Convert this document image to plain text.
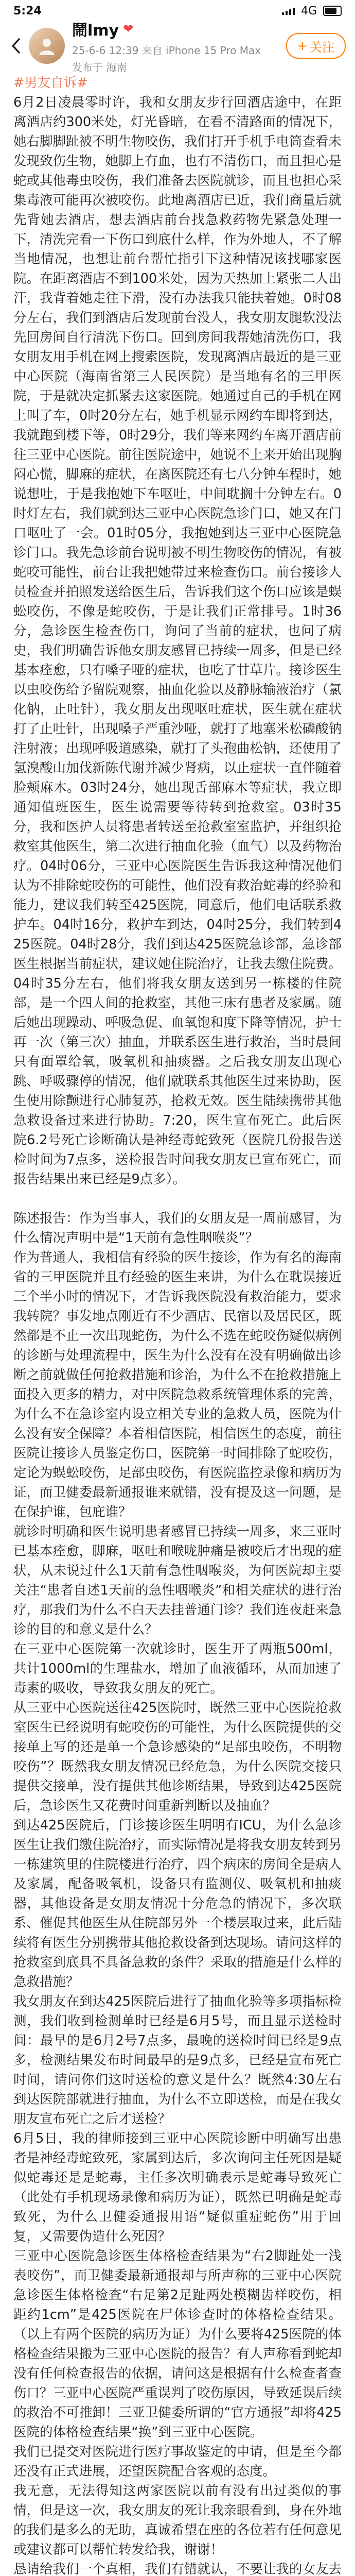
5:24	4G
鬧lmy ❤
25-6-6 12:39 来自 iPhone 15 Pro Max
发布于 海南
+ 关注
#男友自诉#
6月2日凌晨零时许，我和女朋友步行回酒店途中，在距离酒店约300米处，灯光昏暗，在看不清路面的情况下，她右脚脚趾被不明生物咬伤，我们打开手机手电筒查看未发现致伤生物，她脚上有血，也有不清伤口，而且担心是蛇或其他毒虫咬伤，我们准备去医院就诊，而且也担心采集毒液可能再次被咬伤。此地离酒店已近，我们商量后就先背她去酒店，想去酒店前台找急救药物先紧急处理一下，清洗完看一下伤口到底什么样，作为外地人，不了解当地情况，也想让前台帮忙指引下这种情况该找哪家医院。在距离酒店不到100米处，因为天热加上紧张二人出汗，我背着她走往下滑，没有办法我只能扶着她。0时08分左右，我们到酒店后发现前台没人，我女朋友腿软没法先回房间自行清洗下伤口。回到房间我帮她清洗伤口，我女朋友用手机在网上搜索医院，发现离酒店最近的是三亚中心医院（海南省第三人民医院）是当地有名的三甲医院，于是就决定抓紧去这家医院。她通过自己的手机在网上叫了车，0时20分左右，她手机显示网约车即将到达，我就跑到楼下等，0时29分，我们等来网约车离开酒店前往三亚中心医院。前往医院途中，她说不上来开始出现胸闷心慌，脚麻的症状，在离医院还有七八分钟车程时，她说想吐，于是我抱她下车呕吐，中间耽搁十分钟左右。0时灯左右，我们就到达三亚中心医院急诊门口，她又在门口呕吐了一会。01时05分，我抱她到达三亚中心医院急诊门口。我先急诊前台说明被不明生物咬伤的情况，有被蛇咬可能性，前台让我把她带过来检查伤口。前台接诊人员检查并拍照发送给医生后，告诉我们这个伤口应该是蜈蚣咬伤，不像是蛇咬伤，于是让我们正常排号。1时36分，急诊医生检查伤口，询问了当前的症状，也问了病史，我们明确告诉他女朋友感冒已持续一周多，但是已经基本痊愈，只有嗓子哑的症状，也吃了甘草片。接诊医生以虫咬伤给予留院观察，抽血化验以及静脉输液治疗（氯化钠，止吐针），我女朋友出现呕吐症状，医生就在症状打了止吐针，出现嗓子严重沙哑，就打了地塞米松磷酸钠注射液；出现呼吸道感染，就打了头孢曲松钠，还使用了氢溴酸山加伐新陈代谢并减少肾病，以止症状一直伴随着脸颊麻木。03时24分，她出现舌部麻木等症状，我立即通知值班医生，医生说需要等待转到抢救室。03时35分，我和医护人员将患者转送至抢救室室监护，并组织抢救室其他医生，第二次进行抽血化验（血气）以及药物治疗。04时06分，三亚中心医院医生告诉我这种情况他们认为不排除蛇咬伤的可能性，他们没有救治蛇毒的经验和能力，建议我们转至425医院，同意后，他们电话联系救护车。04时16分，救护车到达，04时25分，我们转到425医院。04时28分，我们到达425医院急诊部，急诊部医生根据当前症状，建议她住院治疗，让我去缴住院费。04时35分左右，他们将我女朋友送到另一栋楼的住院部，是一个四人间的抢救室，其他三床有患者及家属。随后她出现躁动、呼吸急促、血氧饱和度下降等情况，护士再一次（第三次）抽血，并联系医生进行救治，当时晨间只有面罩给氧，吸氧机和抽痰器。之后我女朋友出现心跳、呼吸骤停的情况，他们就联系其他医生过来协助，医生使用除颤进行心肺复苏，抢救无效。医生陆续携带其他急救设备过来进行协助。7:20，医生宣布死亡。此后医院6.2号死亡诊断确认是神经毒蛇致死（医院几份报告送检时间为7点多，送检报告时间我女朋友已宣布死亡，而报告结果出来已经是9点多）。
陈述报告：作为当事人，我们的女朋友是一周前感冒，为什么情况声明中是“1天前有急性咽喉炎”？
作为普通人，我相信有经验的医生接诊，作为有名的海南省的三甲医院并且有经验的医生来讲，为什么在耽误接近三个半小时的情况下，才告诉我医院没有救治能力，要求我转院？事发地点刚近有不少酒店、民宿以及居民区，既然都是不止一次出现蛇伤，为什么不选在蛇咬伤疑似病例的诊断与处理流程中，医生为什么没有在没有明确做出诊断之前就做任何抢救措施和诊治，为什么不在抢救措施上面投入更多的精力，对中医院急救系统管理体系的完善，为什么不在急诊室内设立相关专业的急救人员，医院为什么没有安全保障？本着相信医院，相信医生的态度，前往医院让接诊人员鉴定伤口，医院第一时间排除了蛇咬伤，定论为蜈蚣咬伤，足部虫咬伤，有医院监控录像和病历为证，而卫健委最新通报谁来就错，没有提及这一问题，是在保护谁，包庇谁？
就诊时明确和医生说明患者感冒已持续一周多，来三亚时已基本痊愈，脚麻，呕吐和喉咙肿痛是被咬后才出现的症状，从未说过什么1天前有急性咽喉炎，为何医院却主要关注“患者自述1天前的急性咽喉炎”和相关症状的进行治疗，那我们为什么不白天去挂普通门诊？我们连夜赶来急诊的目的和意义是什么？
在三亚中心医院第一次就诊时，医生开了两瓶500ml，共计1000ml的生理盐水，增加了血液循环，从而加速了毒素的吸收，导致我女朋友的死亡。
从三亚中心医院送往425医院时，既然三亚中心医院抢救室医生已经说明有蛇咬伤的可能性，为什么医院提供的交接单上写的还是单一个急诊感染的“足部虫咬伤，不明物咬伤”？既然我女朋友情况已经危急，为什么医院交接只提供交接单，没有提供其他诊断结果，导致到达425医院后，急诊医生又花费时间重新判断以及抽血？
到达425医院后，门诊接诊医生明明有ICU，为什么急诊医生让我们缴住院治疗，而实际情况是将我女朋友转到另一栋建筑里的住院楼进行治疗，四个病床的房间全是病人及家属，配备吸氧机，设备只有监测仪、吸氧机和抽痰器，其他设备是女朋友情况十分危急的情况下，多次联系、催促其他医生从住院部另外一个楼层取过来，此后陆续将有医生分别携带其他抢救设备到达现场。请问这样的抢救室到底具不具备急救的条件？采取的措施是什么样的急救措施？
我女朋友在到达425医院后进行了抽血化验等多项指标检测，我们收到检测单时已经是6月5号，而且显示送检时间：最早的是6月2号7点多，最晚的送检时间已经是9点多，检测结果发布时间最早的是9点多，已经是宣布死亡时间，请问你们这时送检的意义是什么？既然4:30左右到达医院部就进行抽血，为什么不立即送检，而是在我女朋友宣布死亡之后才送检？
6月5日，我的律师接到三亚中心医院诊断中明确写出患者是神经毒蛇致死，家属到达后，多次询问主任死因是疑似蛇毒还是是蛇毒，主任多次明确表示是蛇毒导致死亡（此处有手机现场录像和病历为证），既然已明确是蛇毒致死，为什么卫健委通报用语“疑似重症蛇伤”用于回复，又需要伪造什么死因？
三亚中心医院急诊医生体格检查结果为“右2脚趾处一浅表咬伤”，而卫健委最新通报却与所声称的三亚中心医院急诊医生体格检查“右足第2足趾两处模糊齿样咬伤，相距约1cm”是425医院在尸体诊查时的体格检查结果。（以上有两个医院的病历为证）为什么要将425医院的体格检查结果搬为三亚中心医院的报告？有人声称看到蛇却没有任何检查报告的依据，请问这是根据有什么检查者查伤口？三亚中心医院严重误判了咬伤原因，导致延误后续的救治不可推卸！三亚卫健委所谓的“官方通报”却将425医院的体格检查结果“换”到三亚中心医院。
我们已提交对医院进行医疗事故鉴定的申请，但是至今都还没有正式进展，还望医院配合客观的态度。
我无意，无法得知这两家医院以前有没有出过类似的事情，但是这一次，我女朋友的死让我亲眼看到，身在外地的我们是多么的无助，真诚希望在座的各位若有任何意见或建议都可以帮忙转发给我，谢谢！
恳请给我们一个真相，我们有错就认，不要让我的女友去
